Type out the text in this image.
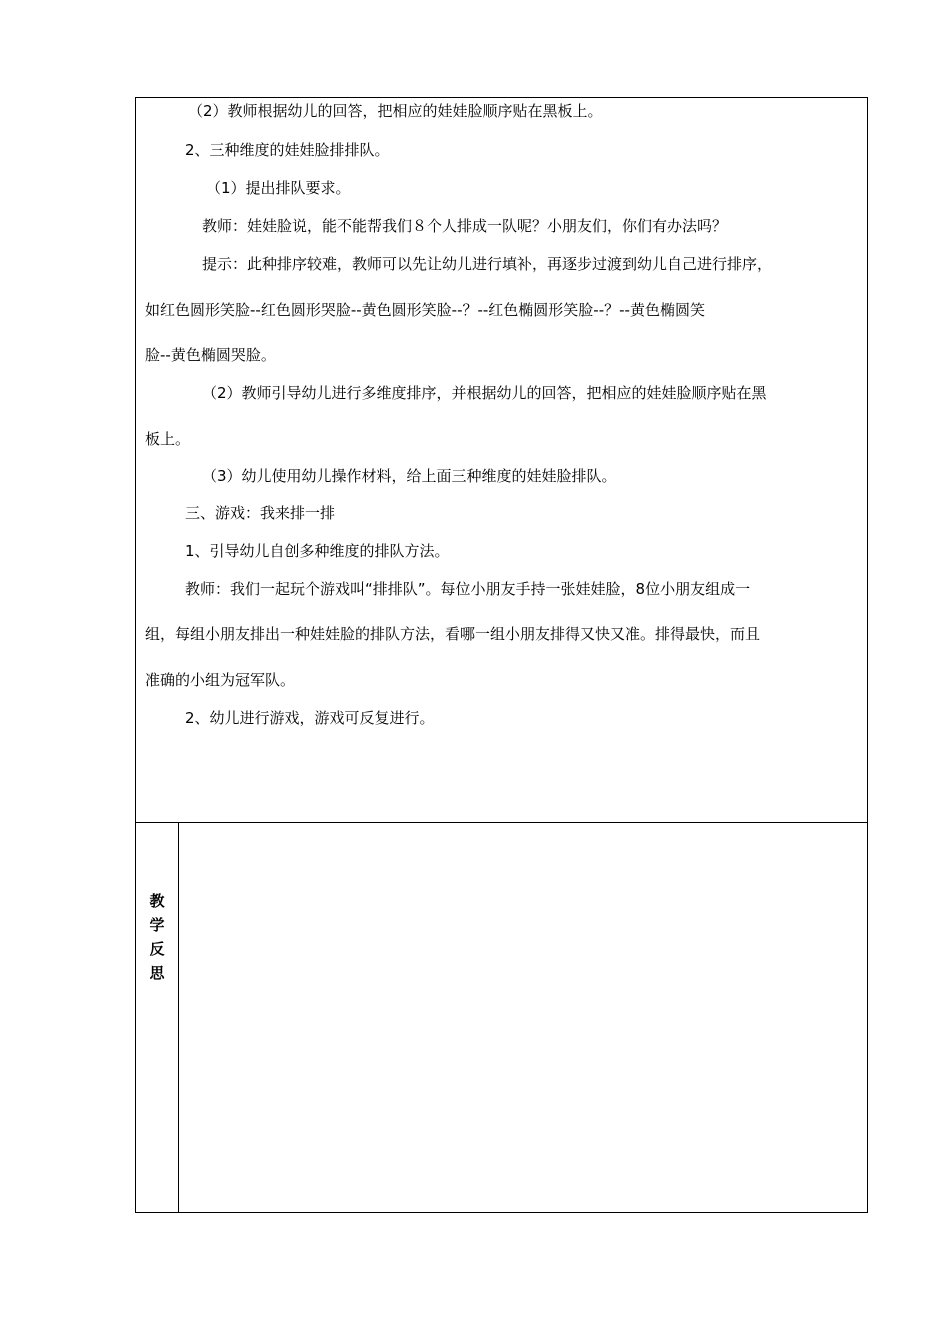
（2）教师根据幼儿的回答，把相应的娃娃脸顺序贴在黑板上。

2、三种维度的娃娃脸排排队。

（1）提出排队要求。

教师：娃娃脸说，能不能帮我们８个人排成一队呢？小朋友们，你们有办法吗？

提示：此种排序较难，教师可以先让幼儿进行填补，再逐步过渡到幼儿自己进行排序，

如红色圆形笑脸--红色圆形哭脸--黄色圆形笑脸--？--红色椭圆形笑脸--？--黄色椭圆笑

脸--黄色椭圆哭脸。

（2）教师引导幼儿进行多维度排序，并根据幼儿的回答，把相应的娃娃脸顺序贴在黑

板上。

（3）幼儿使用幼儿操作材料，给上面三种维度的娃娃脸排队。

三、游戏：我来排一排

1、引导幼儿自创多种维度的排队方法。

教师：我们一起玩个游戏叫“排排队”。每位小朋友手持一张娃娃脸，8位小朋友组成一

组，每组小朋友排出一种娃娃脸的排队方法，看哪一组小朋友排得又快又准。排得最快，而且

准确的小组为冠军队。

2、幼儿进行游戏，游戏可反复进行。

教
学
反
思
